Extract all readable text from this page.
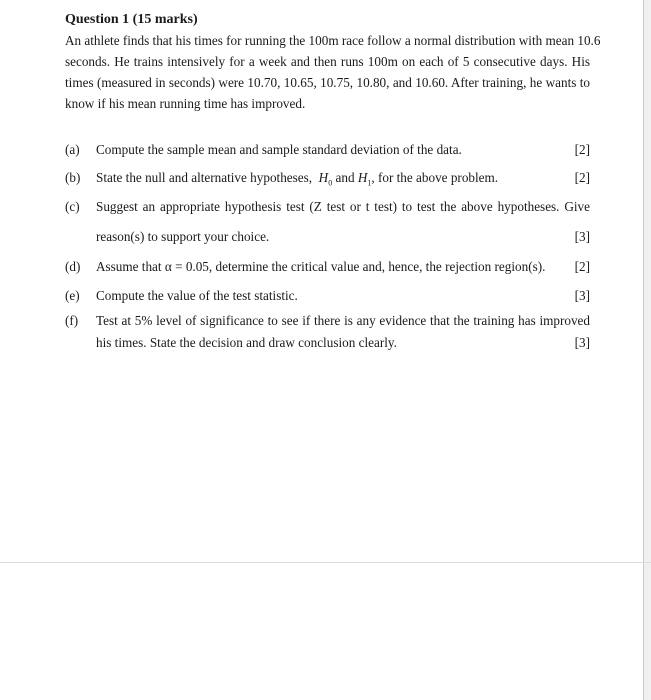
Question 1 (15 marks)
An athlete finds that his times for running the 100m race follow a normal distribution with mean 10.6
seconds. He trains intensively for a week and then runs 100m on each of 5 consecutive days. His
times (measured in seconds) were 10.70, 10.65, 10.75, 10.80, and 10.60. After training, he wants to
know if his mean running time has improved.
(a) Compute the sample mean and sample standard deviation of the data.	[2]
(b) State the null and alternative hypotheses, $H_0$ and $H_1$, for the above problem.	[2]
(c) Suggest an appropriate hypothesis test (Z test or t test) to test the above hypotheses. Give
reason(s) to support your choice.	[3]
(d) Assume that α = 0.05, determine the critical value and, hence, the rejection region(s).	[2]
(e) Compute the value of the test statistic.	[3]
(f) Test at 5% level of significance to see if there is any evidence that the training has improved
his times. State the decision and draw conclusion clearly.	[3]
